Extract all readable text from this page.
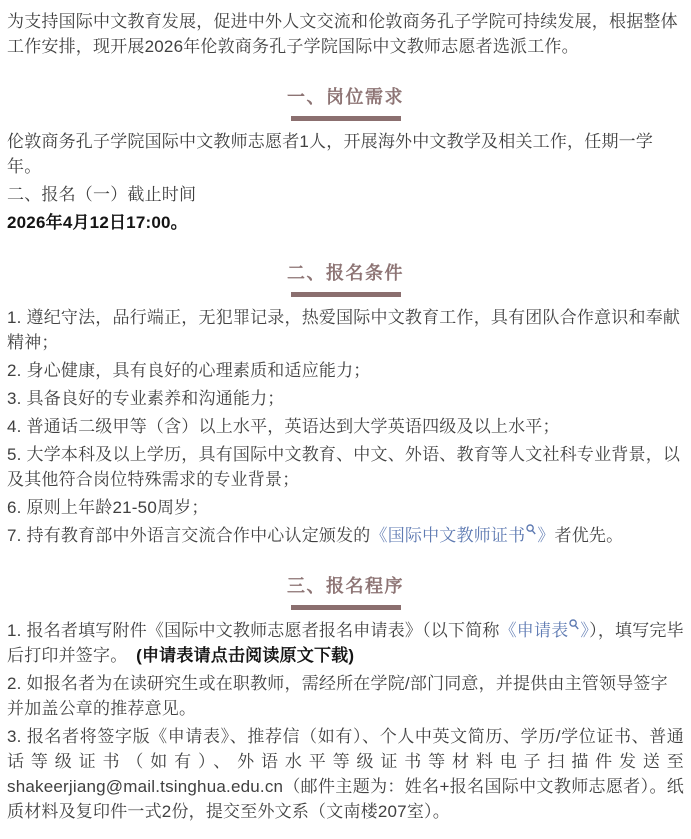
为支持国际中文教育发展，促进中外人文交流和伦敦商务孔子学院可持续发展，根据整体工作安排，现开展2026年伦敦商务孔子学院国际中文教师志愿者选派工作。

一、岗位需求

伦敦商务孔子学院国际中文教师志愿者1人，开展海外中文教学及相关工作，任期一学年。

二、报名（一）截止时间

2026年4月12日17:00。

二、报名条件

1. 遵纪守法，品行端正，无犯罪记录，热爱国际中文教育工作，具有团队合作意识和奉献精神；

2. 身心健康，具有良好的心理素质和适应能力；

3. 具备良好的专业素养和沟通能力；

4. 普通话二级甲等（含）以上水平，英语达到大学英语四级及以上水平；

5. 大学本科及以上学历，具有国际中文教育、中文、外语、教育等人文社科专业背景，以及其他符合岗位特殊需求的专业背景；

6. 原则上年龄21-50周岁；

7. 持有教育部中外语言交流合作中心认定颁发的《国际中文教师证书 》者优先。

三、报名程序

1. 报名者填写附件《国际中文教师志愿者报名申请表》（以下简称《申请表 》），填写完毕后打印并签字。　(申请表请点击阅读原文下载)

2. 如报名者为在读研究生或在职教师，需经所在学院/部门同意，并提供由主管领导签字并加盖公章的推荐意见。

3. 报名者将签字版《申请表》、推荐信（如有）、个人中英文简历、学历/学位证书、普通话等级证书（如有）、外语水平等级证书等材料电子扫描件发送至shakeerjiang@mail.tsinghua.edu.cn（邮件主题为：姓名+报名国际中文教师志愿者）。纸质材料及复印件一式2份，提交至外文系（文南楼207室）。
